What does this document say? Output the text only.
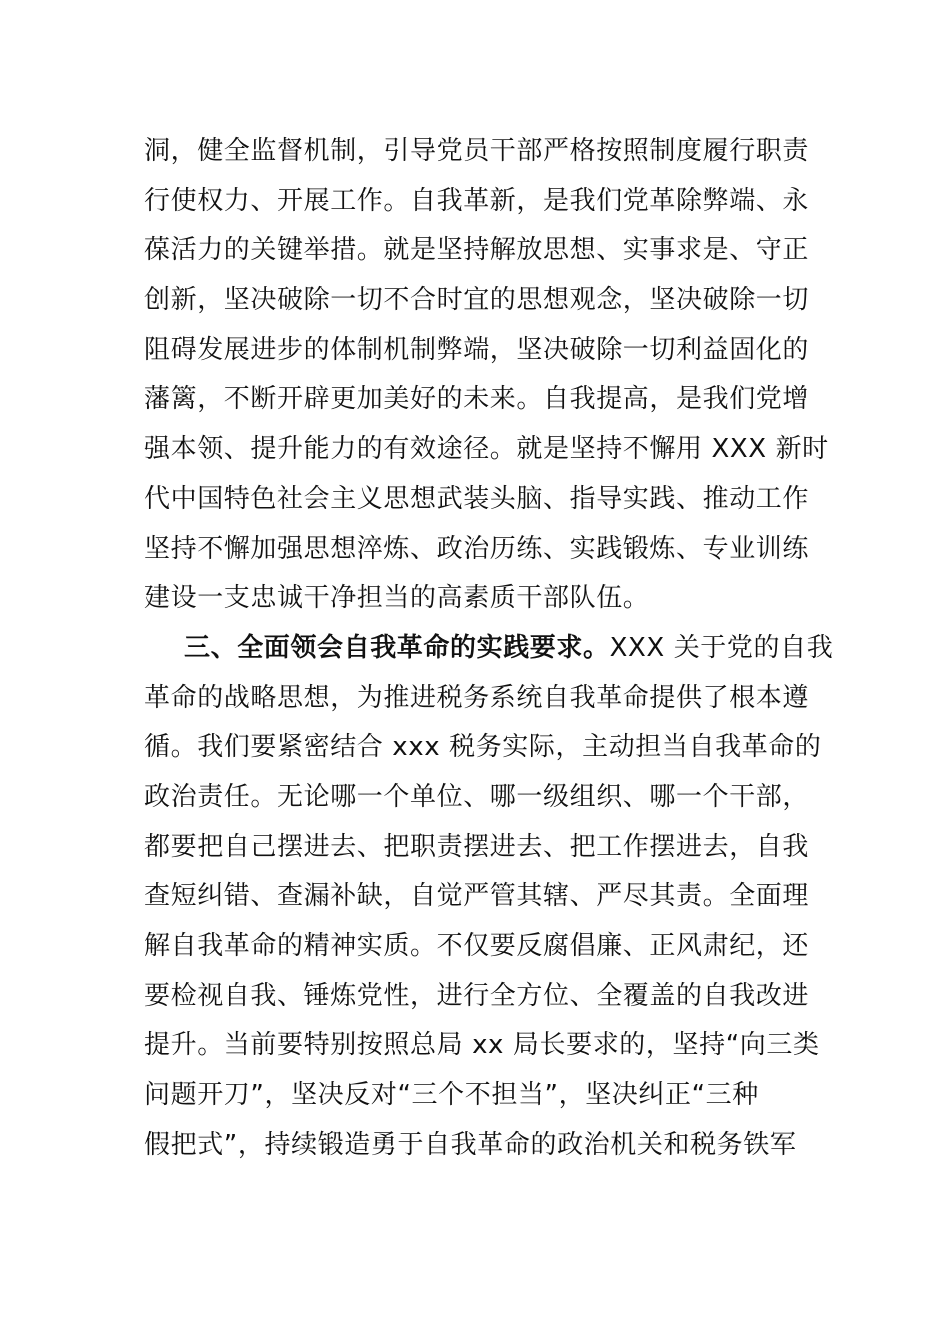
洞，健全监督机制，引导党员干部严格按照制度履行职责
行使权力、开展工作。自我革新，是我们党革除弊端、永
葆活力的关键举措。就是坚持解放思想、实事求是、守正
创新，坚决破除一切不合时宜的思想观念，坚决破除一切
阻碍发展进步的体制机制弊端，坚决破除一切利益固化的
藩篱，不断开辟更加美好的未来。自我提高，是我们党增
强本领、提升能力的有效途径。就是坚持不懈用 XXX 新时
代中国特色社会主义思想武装头脑、指导实践、推动工作
坚持不懈加强思想淬炼、政治历练、实践锻炼、专业训练
建设一支忠诚干净担当的高素质干部队伍。
三、全面领会自我革命的实践要求。XXX 关于党的自我
革命的战略思想，为推进税务系统自我革命提供了根本遵
循。我们要紧密结合 xxx 税务实际，主动担当自我革命的
政治责任。无论哪一个单位、哪一级组织、哪一个干部，
都要把自己摆进去、把职责摆进去、把工作摆进去，自我
查短纠错、查漏补缺，自觉严管其辖、严尽其责。全面理
解自我革命的精神实质。不仅要反腐倡廉、正风肃纪，还
要检视自我、锤炼党性，进行全方位、全覆盖的自我改进
提升。当前要特别按照总局 xx 局长要求的，坚持“向三类
问题开刀”，坚决反对“三个不担当”，坚决纠正“三种
假把式”，持续锻造勇于自我革命的政治机关和税务铁军
